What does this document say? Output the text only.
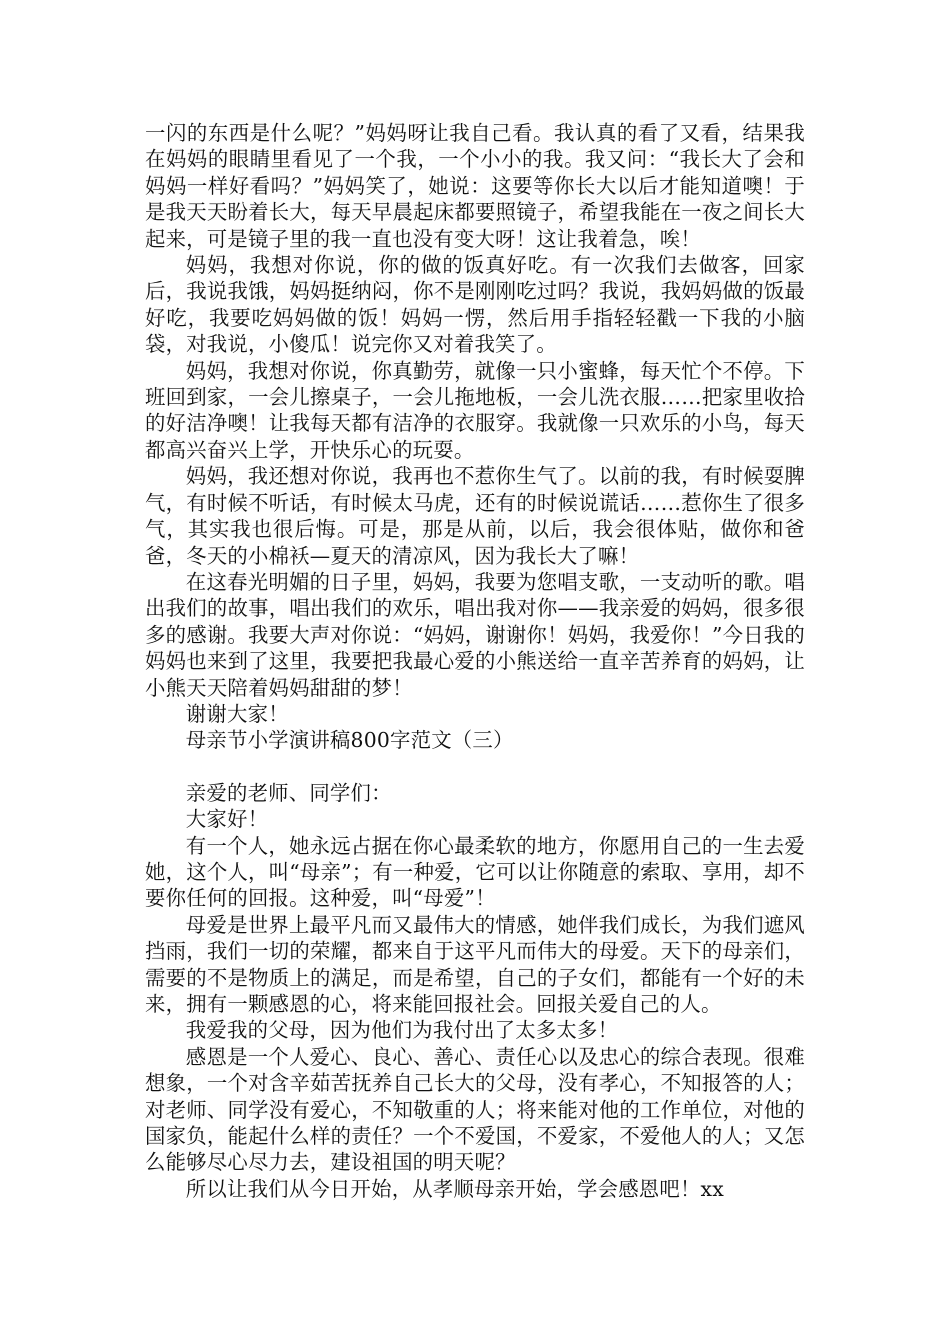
一闪的东西是什么呢？”妈妈呀让我自己看。我认真的看了又看，结果我在妈妈的眼睛里看见了一个我，一个小小的我。我又问：“我长大了会和妈妈一样好看吗？”妈妈笑了，她说：这要等你长大以后才能知道噢！于是我天天盼着长大，每天早晨起床都要照镜子，希望我能在一夜之间长大起来，可是镜子里的我一直也没有变大呀！这让我着急，唉！

妈妈，我想对你说，你的做的饭真好吃。有一次我们去做客，回家后，我说我饿，妈妈挺纳闷，你不是刚刚吃过吗？我说，我妈妈做的饭最好吃，我要吃妈妈做的饭！妈妈一愣，然后用手指轻轻戳一下我的小脑袋，对我说，小傻瓜！说完你又对着我笑了。

妈妈，我想对你说，你真勤劳，就像一只小蜜蜂，每天忙个不停。下班回到家，一会儿擦桌子，一会儿拖地板，一会儿洗衣服……把家里收拾的好洁净噢！让我每天都有洁净的衣服穿。我就像一只欢乐的小鸟，每天都高兴奋兴上学，开快乐心的玩耍。

妈妈，我还想对你说，我再也不惹你生气了。以前的我，有时候耍脾气，有时候不听话，有时候太马虎，还有的时候说谎话……惹你生了很多气，其实我也很后悔。可是，那是从前，以后，我会很体贴，做你和爸爸，冬天的小棉袄—夏天的清凉风，因为我长大了嘛！

在这春光明媚的日子里，妈妈，我要为您唱支歌，一支动听的歌。唱出我们的故事，唱出我们的欢乐，唱出我对你——我亲爱的妈妈，很多很多的感谢。我要大声对你说：“妈妈，谢谢你！妈妈，我爱你！”今日我的妈妈也来到了这里，我要把我最心爱的小熊送给一直辛苦养育的妈妈，让小熊天天陪着妈妈甜甜的梦！

谢谢大家！

母亲节小学演讲稿800字范文（三）

亲爱的老师、同学们：

大家好！

有一个人，她永远占据在你心最柔软的地方，你愿用自己的一生去爱她，这个人，叫“母亲”；有一种爱，它可以让你随意的索取、享用，却不要你任何的回报。这种爱，叫“母爱”！

母爱是世界上最平凡而又最伟大的情感，她伴我们成长，为我们遮风挡雨，我们一切的荣耀，都来自于这平凡而伟大的母爱。天下的母亲们，需要的不是物质上的满足，而是希望，自己的子女们，都能有一个好的未来，拥有一颗感恩的心，将来能回报社会。回报关爱自己的人。

我爱我的父母，因为他们为我付出了太多太多！

感恩是一个人爱心、良心、善心、责任心以及忠心的综合表现。很难想象，一个对含辛茹苦抚养自己长大的父母，没有孝心，不知报答的人；对老师、同学没有爱心，不知敬重的人；将来能对他的工作单位，对他的国家负，能起什么样的责任？一个不爱国，不爱家，不爱他人的人；又怎么能够尽心尽力去，建设祖国的明天呢？

所以让我们从今日开始，从孝顺母亲开始，学会感恩吧！xx
